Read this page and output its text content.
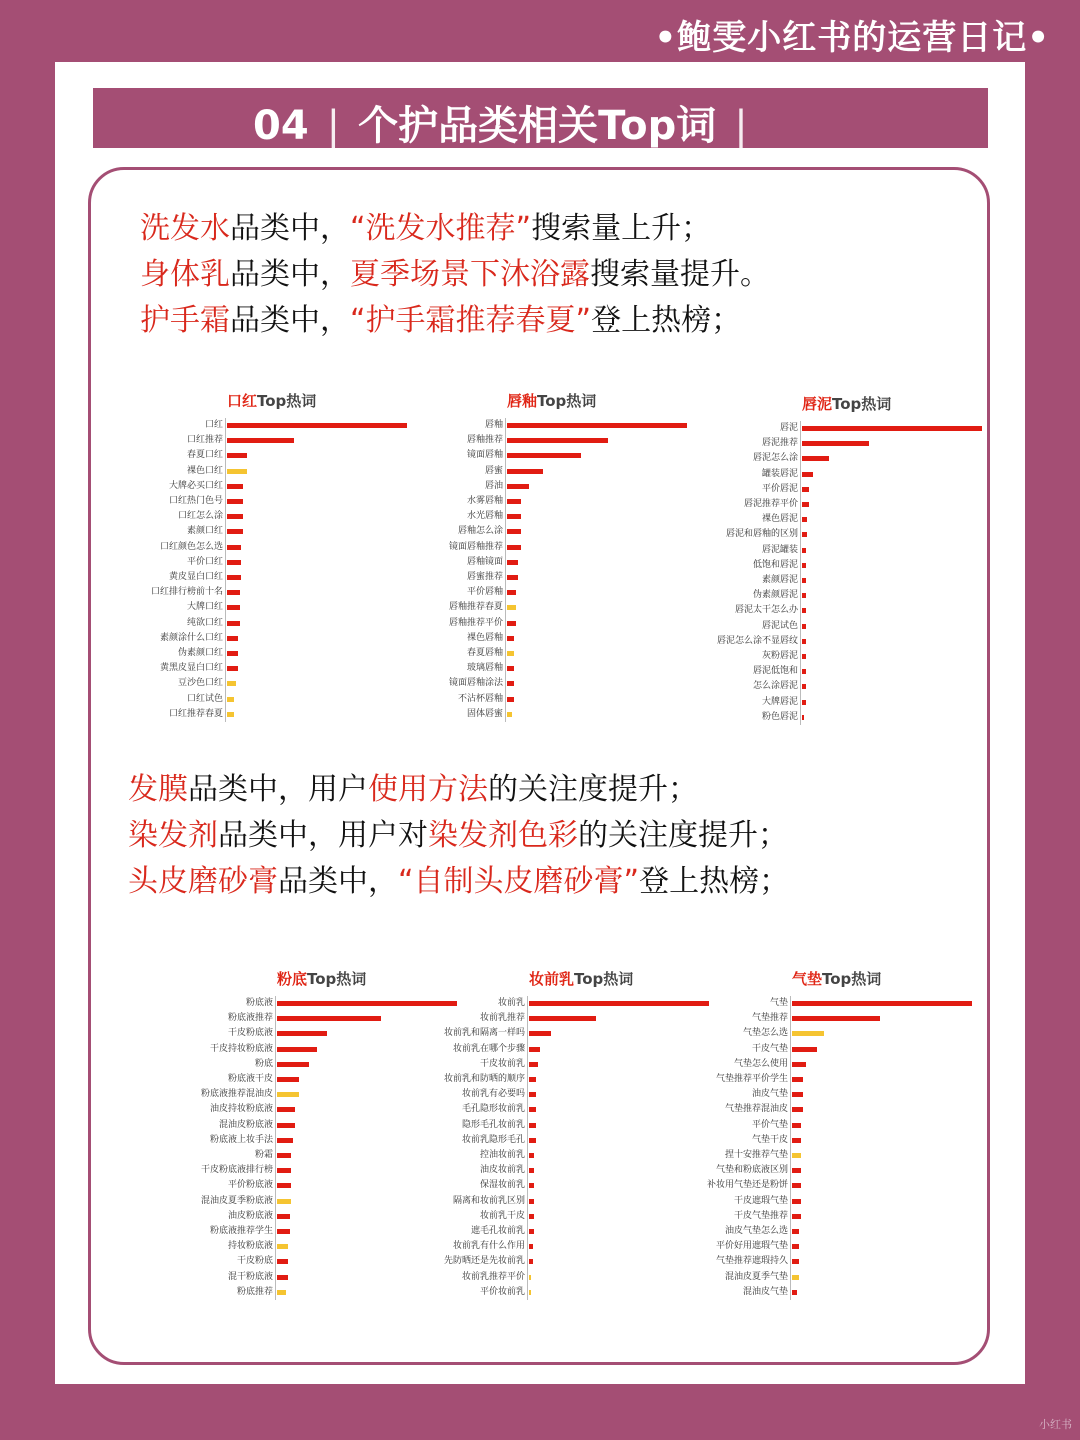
•鲍雯小红书的运营日记•
04 | 个护品类相关Top词 |
洗发水品类中，“洗发水推荐”搜索量上升；
身体乳品类中，夏季场景下沐浴露搜索量提升。
护手霜品类中，“护手霜推荐春夏”登上热榜；
发膜品类中，用户使用方法的关注度提升；
染发剂品类中，用户对染发剂色彩的关注度提升；
头皮磨砂膏品类中，“自制头皮磨砂膏”登上热榜；
口红Top热词
口红
口红推荐
春夏口红
裸色口红
大牌必买口红
口红热门色号
口红怎么涂
素颜口红
口红颜色怎么选
平价口红
黄皮显白口红
口红排行榜前十名
大牌口红
纯欲口红
素颜涂什么口红
伪素颜口红
黄黑皮显白口红
豆沙色口红
口红试色
口红推荐春夏
唇釉Top热词
唇釉
唇釉推荐
镜面唇釉
唇蜜
唇油
水雾唇釉
水光唇釉
唇釉怎么涂
镜面唇釉推荐
唇釉镜面
唇蜜推荐
平价唇釉
唇釉推荐春夏
唇釉推荐平价
裸色唇釉
春夏唇釉
玻璃唇釉
镜面唇釉涂法
不沾杯唇釉
固体唇蜜
唇泥Top热词
唇泥
唇泥推荐
唇泥怎么涂
罐装唇泥
平价唇泥
唇泥推荐平价
裸色唇泥
唇泥和唇釉的区别
唇泥罐装
低饱和唇泥
素颜唇泥
伪素颜唇泥
唇泥太干怎么办
唇泥试色
唇泥怎么涂不显唇纹
灰粉唇泥
唇泥低饱和
怎么涂唇泥
大牌唇泥
粉色唇泥
粉底Top热词
粉底液
粉底液推荐
干皮粉底液
干皮持妆粉底液
粉底
粉底液干皮
粉底液推荐混油皮
油皮持妆粉底液
混油皮粉底液
粉底液上妆手法
粉霜
干皮粉底液排行榜
平价粉底液
混油皮夏季粉底液
油皮粉底液
粉底液推荐学生
持妆粉底液
干皮粉底
混干粉底液
粉底推荐
妆前乳Top热词
妆前乳
妆前乳推荐
妆前乳和隔离一样吗
妆前乳在哪个步骤
干皮妆前乳
妆前乳和防晒的顺序
妆前乳有必要吗
毛孔隐形妆前乳
隐形毛孔妆前乳
妆前乳隐形毛孔
控油妆前乳
油皮妆前乳
保湿妆前乳
隔离和妆前乳区别
妆前乳干皮
遮毛孔妆前乳
妆前乳有什么作用
先防晒还是先妆前乳
妆前乳推荐平价
平价妆前乳
气垫Top热词
气垫
气垫推荐
气垫怎么选
干皮气垫
气垫怎么使用
气垫推荐平价学生
油皮气垫
气垫推荐混油皮
平价气垫
气垫干皮
捏十安推荐气垫
气垫和粉底液区别
补妆用气垫还是粉饼
干皮遮瑕气垫
干皮气垫推荐
油皮气垫怎么选
平价好用遮瑕气垫
气垫推荐遮瑕持久
混油皮夏季气垫
混油皮气垫
小红书
